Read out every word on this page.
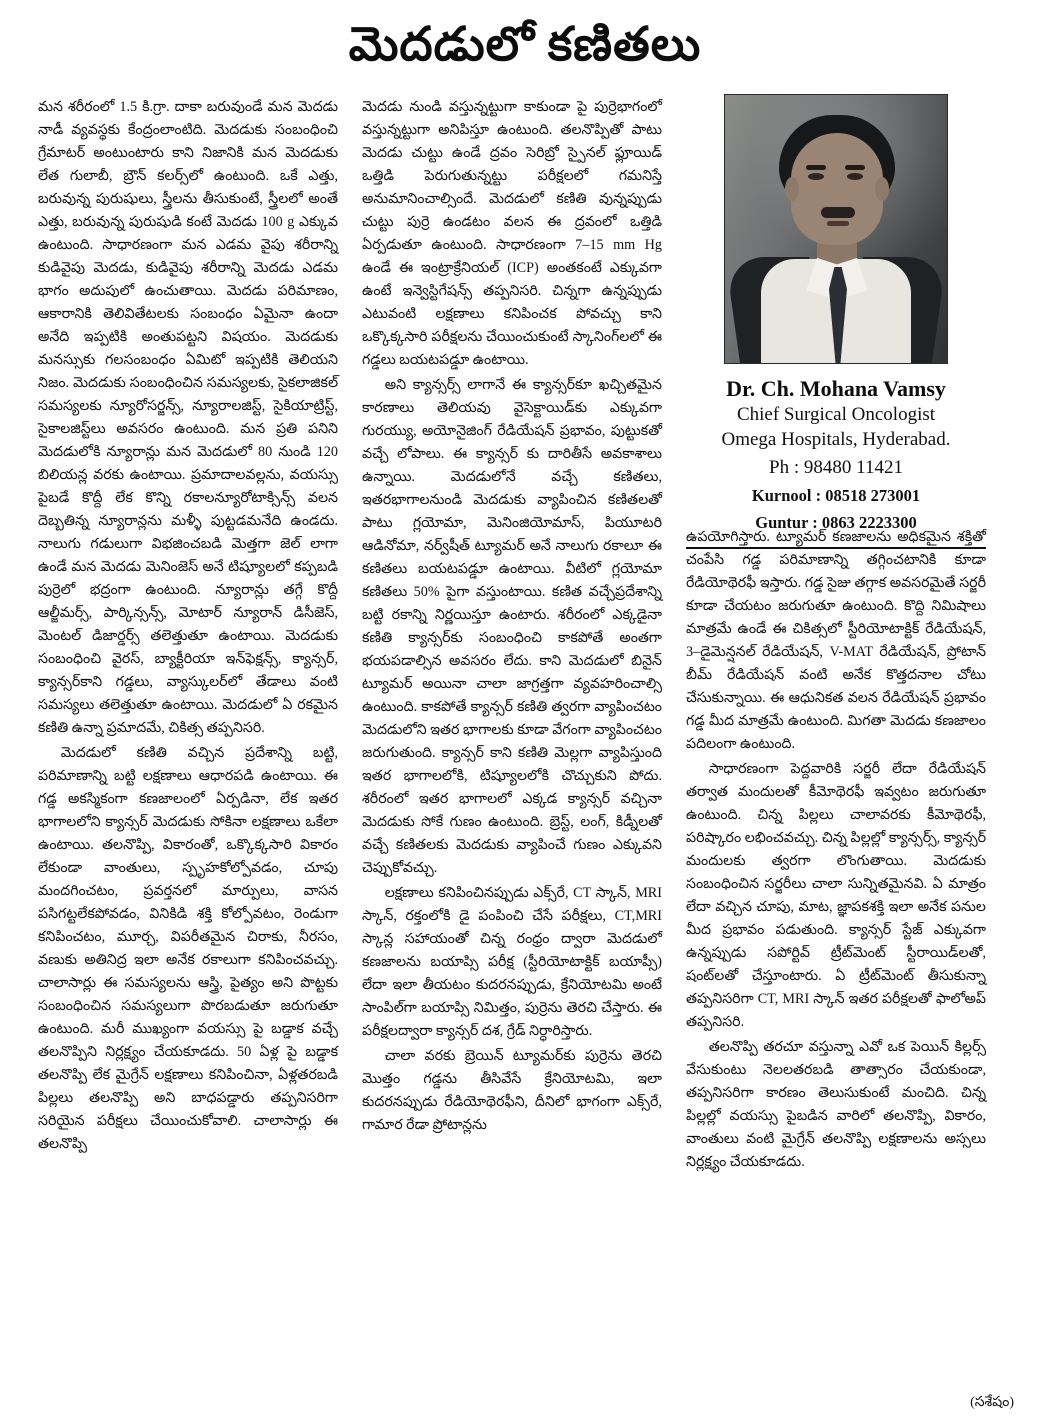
మెదడులో కణితలు

మన శరీరంలో 1.5 కి.గ్రా. దాకా బరువుండే మన మెదడు నాడీ వ్యవస్థకు కేంద్రంలాంటిది. మెదడుకు సంబంధించి గ్రేమాటర్ అంటుంటారు కాని నిజానికి మన మెదడుకు లేత గులాబీ, బ్రౌన్ కలర్స్‌లో ఉంటుంది. ఒకే ఎత్తు, బరువున్న పురుషులు, స్త్రీలను తీసుకుంటే, స్త్రీలలో అంతే ఎత్తు, బరువున్న పురుషుడి కంటే మెదడు 100 g ఎక్కువ ఉంటుంది. సాధారణంగా మన ఎడమ వైపు శరీరాన్ని కుడివైపు మెదడు, కుడివైపు శరీరాన్ని మెదడు ఎడమ భాగం అదుపులో ఉంచుతాయి. మెదడు పరిమాణం, ఆకారానికి తెలివితేటలకు సంబంధం ఏమైనా ఉందా అనేది ఇప్పటికి అంతుపట్టని విషయం. మెదడుకు మనస్సుకు గలసంబంధం ఏమిటో ఇప్పటికి తెలియని నిజం. మెదడుకు సంబంధించిన సమస్యలకు, సైకలాజికల్ సమస్యలకు న్యూరోసర్జన్స్, న్యూరాలజిస్ట్, సైకియాట్రిస్ట్, సైకాలజిస్ట్‌లు అవసరం ఉంటుంది. మన ప్రతి పనిని మెదడులోకి న్యూరాన్లు మన మెదడులో 80 నుండి 120 బిలియన్ల వరకు ఉంటాయి. ప్రమాదాలవల్లను, వయస్సు పైబడే కొద్దీ లేక కొన్ని రకాలన్యూరోటాక్సిన్స్ వలన దెబ్బతిన్న న్యూరాన్లను మళ్ళీ పుట్టడమనేది ఉండదు. నాలుగు గడులుగా విభజించబడి మెత్తగా జెల్ లాగా ఉండే మన మెదడు మెనింజెస్ అనే టిష్యూలలో కప్పబడి పుర్రెలో భద్రంగా ఉంటుంది. న్యూరాన్లు తగ్గే కొద్దీ ఆల్జీమర్స్, పార్కిన్సన్స్, మోటార్ న్యూరాన్ డిసీజెస్, మెంటల్ డిజార్డర్స్ తలెత్తుతూ ఉంటాయి. మెదడుకు సంబంధించి వైరస్, బ్యాక్టీరియా ఇన్‌ఫెక్షన్స్, క్యాన్సర్, క్యాన్సర్‌కాని గడ్డలు, వ్యాస్కులర్‌లో తేడాలు వంటి సమస్యలు తలెత్తుతూ ఉంటాయి. మెదడులో ఏ రకమైన కణితి ఉన్నా ప్రమాదమే, చికిత్స తప్పనిసరి.

మెదడులో కణితి వచ్చిన ప్రదేశాన్ని బట్టి, పరిమాణాన్ని బట్టి లక్షణాలు ఆధారపడి ఉంటాయి. ఈ గడ్డ అకస్మికంగా కణజాలంలో ఏర్పడినా, లేక ఇతర భాగాలలోని క్యాన్సర్ మెదడుకు సోకినా లక్షణాలు ఒకేలా ఉంటాయి. తలనొప్పి, వికారంతో, ఒక్కొక్కసారి వికారం లేకుండా వాంతులు, స్పృహకోల్పోవడం, చూపు మందగించటం, ప్రవర్తనలో మార్పులు, వాసన పసిగట్టలేకపోవడం, వినికిడి శక్తి కోల్పోవటం, రెండుగా కనిపించటం, మూర్చ, విపరీతమైన చిరాకు, నీరసం, వణుకు అతినిద్ర ఇలా అనేక రకాలుగా కనిపించవచ్చు. చాలాసార్లు ఈ సమస్యలను ఆస్త్రి, పైత్యం అని పొట్టకు సంబంధించిన సమస్యలుగా పొరబడుతూ జరుగుతూ ఉంటుంది. మరీ ముఖ్యంగా వయస్సు పై బడ్డాక వచ్చే తలనొప్పిని నిర్లక్ష్యం చేయకూడదు. 50 ఏళ్ల పై బడ్డాక తలనొప్పి లేక మైగ్రేన్ లక్షణాలు కనిపించినా, ఏళ్లతరబడి పిల్లలు తలనొప్పి అని బాధపడ్డారు తప్పనిసరిగా సరియైన పరీక్షలు చేయించుకోవాలి. చాలాసార్లు ఈ తలనొప్పి

మెదడు నుండి వస్తున్నట్టుగా కాకుండా పై పుర్రెభాగంలో వస్తున్నట్టుగా అనిపిస్తూ ఉంటుంది. తలనొప్పితో పాటు మెదడు చుట్టు ఉండే ద్రవం సెరిబ్రో స్పైనల్ ఫ్లూయిడ్ ఒత్తిడి పెరుగుతున్నట్టు పరీక్షలలో గమనిస్తే అనుమానించాల్సిందే. మెదడులో కణితి వున్నప్పుడు చుట్టు పుర్రె ఉండటం వలన ఈ ద్రవంలో ఒత్తిడి ఏర్పడుతూ ఉంటుంది. సాధారణంగా 7–15 mm Hg ఉండే ఈ ఇంట్రాక్రేనియల్ (ICP) అంతకంటే ఎక్కువగా ఉంటే ఇన్వెస్టిగేషన్స్ తప్పనిసరి. చిన్నగా ఉన్నప్పుడు ఎటువంటి లక్షణాలు కనిపించక పోవచ్చు కాని ఒక్కొక్కసారి పరీక్షలను చేయించుకుంటే స్కానింగ్‌లలో ఈ గడ్డలు బయటపడ్డూ ఉంటాయి.

అని క్యాన్సర్స్ లాగానే ఈ క్యాన్సర్‌కూ ఖచ్చితమైన కారణాలు తెలియవు వైసెక్టాయిడ్‌కు ఎక్కువగా గురయ్యు, అయోనైజింగ్ రేడియేషన్ ప్రభావం, పుట్టుకతో వచ్చే లోపాలు. ఈ క్యాన్సర్ కు దారితీసే అవకాశాలు ఉన్నాయి. మెదడులోనే వచ్చే కణితలు, ఇతరభాగాలనుండి మెదడుకు వ్యాపించిన కణితలతో పాటు గ్లయోమా, మెనింజియోమాస్, పియూటరి ఆడినోమా, నర్వ్‌షీత్ ట్యూమర్ అనే నాలుగు రకాలూ ఈ కణితలు బయటపడ్డూ ఉంటాయి. వీటిలో గ్లయోమా కణితలు 50% పైగా వస్తుంటాయి. కణిత వచ్చేప్రదేశాన్ని బట్టి రకాన్ని నిర్ణయిస్తూ ఉంటారు. శరీరంలో ఎక్కడైనా కణితి క్యాన్సర్‌కు సంబంధించి కాకపోతే అంతగా భయపడాల్సిన అవసరం లేదు. కాని మెదడులో బినైన్ ట్యూమర్ అయినా చాలా జాగ్రత్తగా వ్యవహరించాల్సి ఉంటుంది. కాకపోతే క్యాన్సర్ కణితి త్వరగా వ్యాపించటం మెదడులోని ఇతర భాగాలకు కూడా వేగంగా వ్యాపించటం జరుగుతుంది. క్యాన్సర్ కాని కణితి మెల్లగా వ్యాపిస్తుంది ఇతర భాగాలలోకి, టిష్యూలలోకి చొచ్చుకుని పోదు. శరీరంలో ఇతర భాగాలలో ఎక్కడ క్యాన్సర్ వచ్చినా మెదడుకు సోకే గుణం ఉంటుంది. బ్రెస్ట్, లంగ్, కిడ్నీలతో వచ్చే కణితలకు మెదడుకు వ్యాపించే గుణం ఎక్కువని చెప్పుకోవచ్చు.

లక్షణాలు కనిపించినప్పుడు ఎక్స్‌రే, CT స్కాన్, MRI స్కాన్, రక్తంలోకి డై పంపించి చేసే పరీక్షలు, CT,MRI స్కాన్ల సహాయంతో చిన్న రంధ్రం ద్వారా మెదడులో కణజాలను బయాప్సి పరీక్ష (స్టీరియోటాక్టిక్ బయాప్సీ) లేదా ఇలా తీయటం కుదరనప్పుడు, క్రేనియోటమి అంటే సాంపిల్‌గా బయాప్సి నిమిత్తం, పుర్రెను తెరచి చేస్తారు. ఈ పరీక్షలద్వారా క్యాన్సర్ దశ, గ్రేడ్ నిర్ధారిస్తారు.

చాలా వరకు బ్రెయిన్ ట్యూమర్‌కు పుర్రెను తెరచి మొత్తం గడ్డను తీసివేసే క్రేనియోటమి, ఇలా కుదరనప్పుడు రేడియోథెరఫీని, దీనిలో భాగంగా ఎక్స్‌రే, గామార రేడా ప్రోటాన్లను

Dr. Ch. Mohana Vamsy
Chief Surgical Oncologist
Omega Hospitals, Hyderabad.
Ph : 98480 11421
Kurnool : 08518 273001
Guntur : 0863 2223300

ఉపయోగిస్తారు. ట్యూమర్ కణజాలను అధికమైన శక్తితో చంపేసి గడ్డ పరిమాణాన్ని తగ్గించటానికి కూడా రేడియోథెరఫీ ఇస్తారు. గడ్డ సైజు తగ్గాక అవసరమైతే సర్జరీ కూడా చేయటం జరుగుతూ ఉంటుంది. కొద్ది నిమిషాలు మాత్రమే ఉండే ఈ చికిత్సలో స్టీరియోటాక్టిక్ రేడియేషన్, 3–డైమెన్షనల్ రేడియేషన్, V-MAT రేడియేషన్, ప్రోటాన్ బీమ్ రేడియేషన్ వంటి అనేక కొత్తదనాల చోటు చేసుకున్నాయి. ఈ ఆధునికత వలన రేడియేషన్ ప్రభావం గడ్డ మీద మాత్రమే ఉంటుంది. మిగతా మెదడు కణజాలం పదిలంగా ఉంటుంది.

సాధారణంగా పెద్దవారికి సర్జరీ లేదా రేడియేషన్ తర్వాత మందులతో కీమోథెరఫీ ఇవ్వటం జరుగుతూ ఉంటుంది. చిన్న పిల్లలు చాలావరకు కీమోథెరఫీ, పరిష్కారం లభించవచ్చు. చిన్న పిల్లల్లో క్యాన్సర్స్, క్యాన్సర్ మందులకు త్వరగా లొంగుతాయి. మెదడుకు సంబంధించిన సర్జరీలు చాలా సున్నితమైనవి. ఏ మాత్రం లేదా వచ్చిన చూపు, మాట, జ్ఞాపకశక్తి ఇలా అనేక పనుల మీద ప్రభావం పడుతుంది. క్యాన్సర్ స్టేజ్ ఎక్కువగా ఉన్నప్పుడు సపోర్టివ్ ట్రీట్‌మెంట్ స్టీరాయిడ్‌లతో, షంట్‌లతో చేస్తూంటారు. ఏ ట్రీట్‌మెంట్ తీసుకున్నా తప్పనిసరిగా CT, MRI స్కాన్ ఇతర పరీక్షలతో ఫాలోఅప్ తప్పనిసరి.

తలనొప్పి తరచూ వస్తున్నా ఎవో ఒక పెయిన్ కిల్లర్స్ వేసుకుంటు నెలలతరబడి తాత్సారం చేయకుండా, తప్పనిసరిగా కారణం తెలుసుకుంటే మంచిది. చిన్న పిల్లల్లో వయస్సు పైబడిన వారిలో తలనొప్పి, వికారం, వాంతులు వంటి మైగ్రేన్ తలనొప్పి లక్షణాలను అస్సలు నిర్లక్ష్యం చేయకూడదు.

(సశేషం)
